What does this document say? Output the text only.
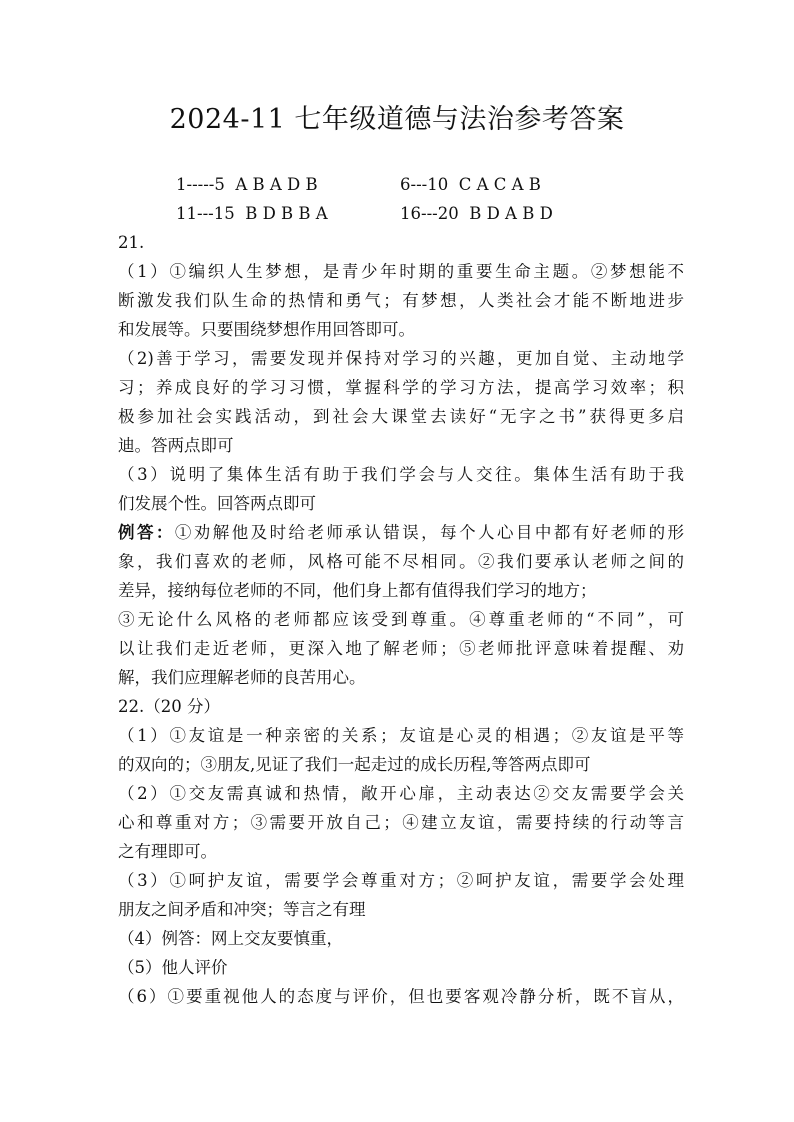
2024-11 七年级道德与法治参考答案
1-----5  A B A D B	6---10  C A C A B
11---15  B D B B A	16---20  B D A B D
21.
（1）①编织人生梦想，是青少年时期的重要生命主题。②梦想能不
断激发我们队生命的热情和勇气；有梦想，人类社会才能不断地进步
和发展等。只要围绕梦想作用回答即可。
（2)善于学习，需要发现并保持对学习的兴趣，更加自觉、主动地学
习；养成良好的学习习惯，掌握科学的学习方法，提高学习效率；积
极参加社会实践活动，到社会大课堂去读好“无字之书”获得更多启
迪。答两点即可
（3）说明了集体生活有助于我们学会与人交往。集体生活有助于我
们发展个性。回答两点即可
例答：①劝解他及时给老师承认错误，每个人心目中都有好老师的形
象，我们喜欢的老师，风格可能不尽相同。②我们要承认老师之间的
差异，接纳每位老师的不同，他们身上都有值得我们学习的地方；
③无论什么风格的老师都应该受到尊重。④尊重老师的“不同”，可
以让我们走近老师，更深入地了解老师；⑤老师批评意味着提醒、劝
解，我们应理解老师的良苦用心。
22.（20 分）
（1）①友谊是一种亲密的关系；友谊是心灵的相遇；②友谊是平等
的双向的；③朋友,见证了我们一起走过的成长历程,等答两点即可
（2）①交友需真诚和热情，敞开心扉，主动表达②交友需要学会关
心和尊重对方；③需要开放自己；④建立友谊，需要持续的行动等言
之有理即可。
（3）①呵护友谊，需要学会尊重对方；②呵护友谊，需要学会处理
朋友之间矛盾和冲突；等言之有理
（4）例答：网上交友要慎重，
（5）他人评价
（6）①要重视他人的态度与评价，但也要客观冷静分析，既不盲从，
